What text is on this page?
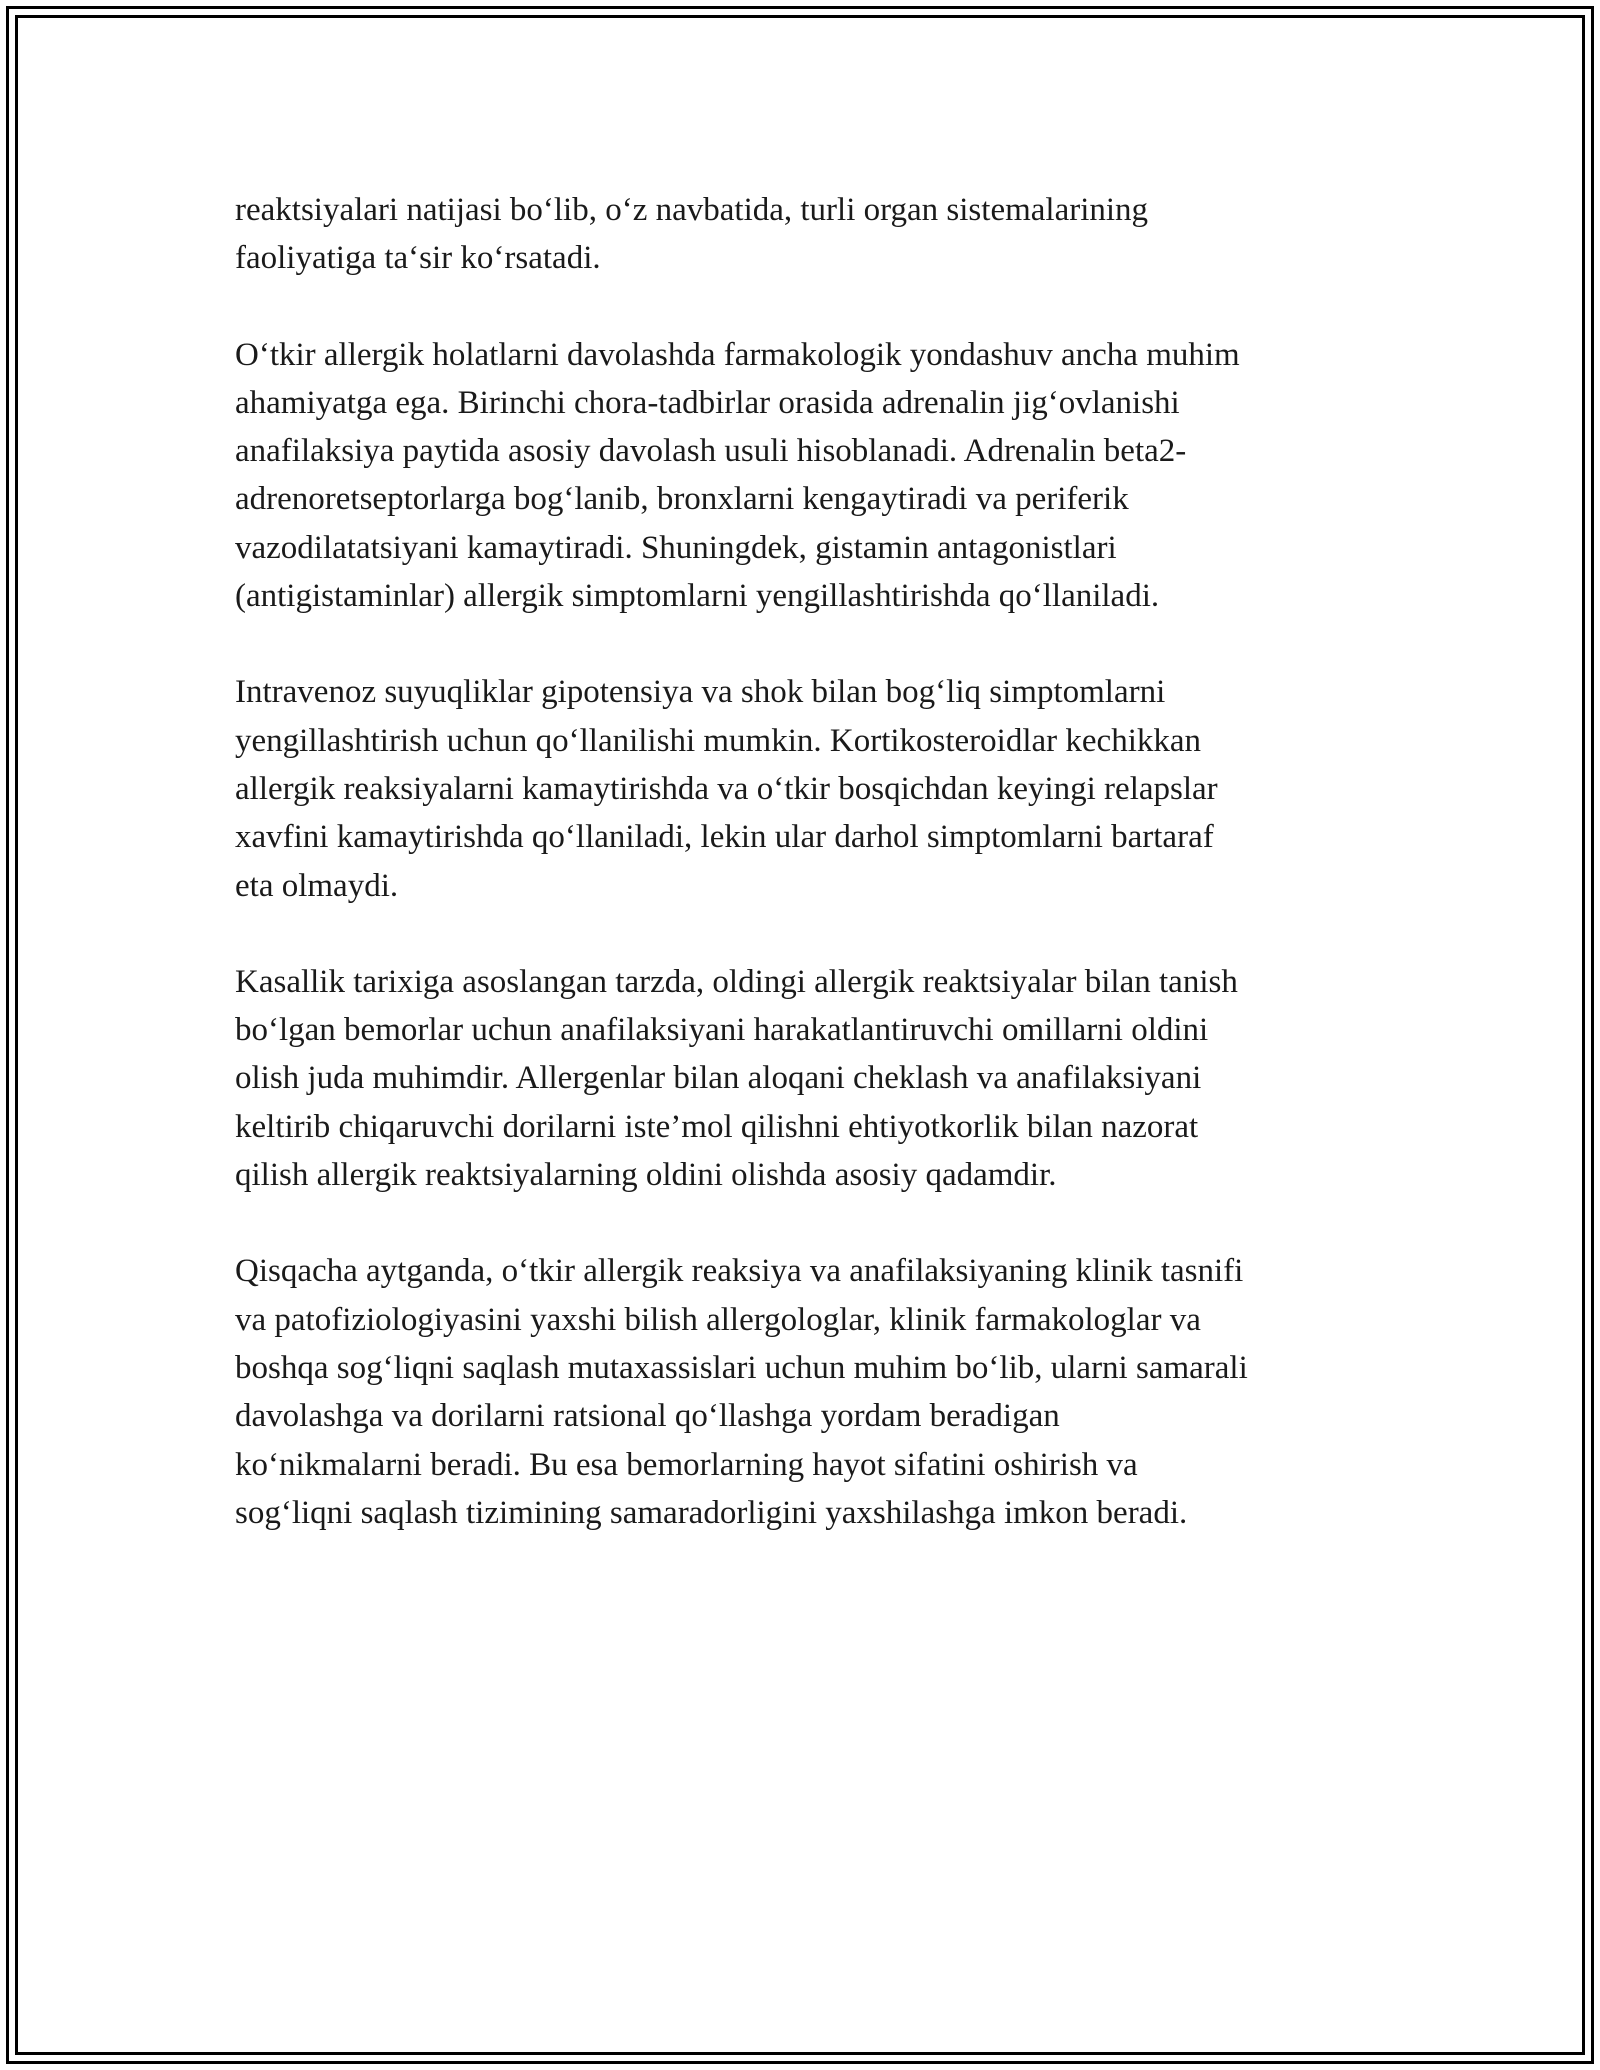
reaktsiyalari natijasi bo‘lib, o‘z navbatida, turli organ sistemalarining
faoliyatiga ta‘sir ko‘rsatadi.

O‘tkir allergik holatlarni davolashda farmakologik yondashuv ancha muhim
ahamiyatga ega. Birinchi chora-tadbirlar orasida adrenalin jig‘ovlanishi
anafilaksiya paytida asosiy davolash usuli hisoblanadi. Adrenalin beta2-
adrenoretseptorlarga bog‘lanib, bronxlarni kengaytiradi va periferik
vazodilatatsiyani kamaytiradi. Shuningdek, gistamin antagonistlari
(antigistaminlar) allergik simptomlarni yengillashtirishda qo‘llaniladi.

Intravenoz suyuqliklar gipotensiya va shok bilan bog‘liq simptomlarni
yengillashtirish uchun qo‘llanilishi mumkin. Kortikosteroidlar kechikkan
allergik reaksiyalarni kamaytirishda va o‘tkir bosqichdan keyingi relapslar
xavfini kamaytirishda qo‘llaniladi, lekin ular darhol simptomlarni bartaraf
eta olmaydi.

Kasallik tarixiga asoslangan tarzda, oldingi allergik reaktsiyalar bilan tanish
bo‘lgan bemorlar uchun anafilaksiyani harakatlantiruvchi omillarni oldini
olish juda muhimdir. Allergenlar bilan aloqani cheklash va anafilaksiyani
keltirib chiqaruvchi dorilarni iste’mol qilishni ehtiyotkorlik bilan nazorat
qilish allergik reaktsiyalarning oldini olishda asosiy qadamdir.

Qisqacha aytganda, o‘tkir allergik reaksiya va anafilaksiyaning klinik tasnifi
va patofiziologiyasini yaxshi bilish allergologlar, klinik farmakologlar va
boshqa sog‘liqni saqlash mutaxassislari uchun muhim bo‘lib, ularni samarali
davolashga va dorilarni ratsional qo‘llashga yordam beradigan
ko‘nikmalarni beradi. Bu esa bemorlarning hayot sifatini oshirish va
sog‘liqni saqlash tizimining samaradorligini yaxshilashga imkon beradi.
